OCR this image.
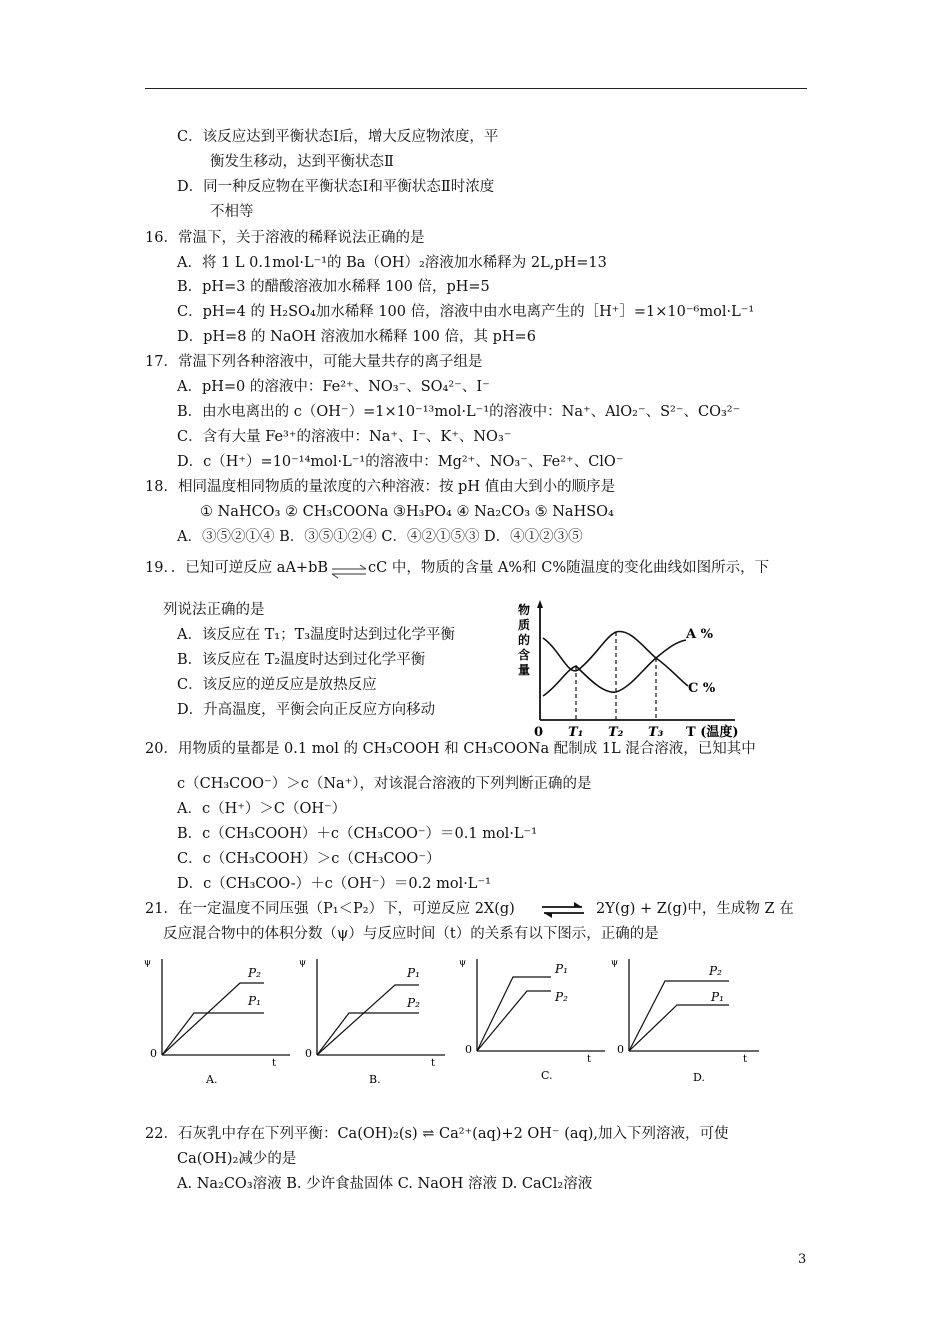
C．该反应达到平衡状态Ⅰ后，增大反应物浓度，平
衡发生移动，达到平衡状态Ⅱ
D．同一种反应物在平衡状态Ⅰ和平衡状态Ⅱ时浓度
不相等
16．常温下，关于溶液的稀释说法正确的是
A．将 1 L 0.1mol·L⁻¹的 Ba（OH）₂溶液加水稀释为 2L,pH=13
B．pH=3 的醋酸溶液加水稀释 100 倍，pH=5
C．pH=4 的 H₂SO₄加水稀释 100 倍，溶液中由水电离产生的［H⁺］=1×10⁻⁶mol·L⁻¹
D．pH=8 的 NaOH 溶液加水稀释 100 倍，其 pH=6
17．常温下列各种溶液中，可能大量共存的离子组是
A．pH=0 的溶液中：Fe²⁺、NO₃⁻、SO₄²⁻、I⁻
B．由水电离出的 c（OH⁻）=1×10⁻¹³mol·L⁻¹的溶液中：Na⁺、AlO₂⁻、S²⁻、CO₃²⁻
C．含有大量 Fe³⁺的溶液中：Na⁺、I⁻、K⁺、NO₃⁻
D．c（H⁺）=10⁻¹⁴mol·L⁻¹的溶液中：Mg²⁺、NO₃⁻、Fe²⁺、ClO⁻
18．相同温度相同物质的量浓度的六种溶液：按 pH 值由大到小的顺序是
① NaHCO₃ ② CH₃COONa ③H₃PO₄ ④ Na₂CO₃ ⑤ NaHSO₄
A．③⑤②①④ B．③⑤①②④ C．④②①⑤③ D．④①②③⑤
19．．已知可逆反应 aA+bB ⇌
cC 中，物质的含量 A%和 C%随温度的变化曲线如图所示，下
列说法正确的是
A．该反应在 T₁；T₃温度时达到过化学平衡
B．该反应在 T₂温度时达到过化学平衡
C．该反应的逆反应是放热反应
D．升高温度，平衡会向正反应方向移动
物
质
的
含
量
A %
C %
0 T₁ T₂ T₃ T (温度)
20．用物质的量都是 0.1 mol 的 CH₃COOH 和 CH₃COONa 配制成 1L 混合溶液，已知其中
c（CH₃COO⁻）＞c（Na⁺），对该混合溶液的下列判断正确的是
A．c（H⁺）＞C（OH⁻）
B．c（CH₃COOH）＋c（CH₃COO⁻）＝0.1 mol·L⁻¹
C．c（CH₃COOH）＞c（CH₃COO⁻）
D．c（CH₃COO-）＋c（OH⁻）＝0.2 mol·L⁻¹
21．在一定温度不同压强（P₁＜P₂）下，可逆反应 2X(g) ⇌ 2Y(g) + Z(g)中，生成物 Z 在
反应混合物中的体积分数（ψ）与反应时间（t）的关系有以下图示，正确的是
ψ
0
t
P₂
P₁
A.
ψ
0
t
P₁
P₂
B.
ψ
0
t
P₁
P₂
C.
ψ
0
t
P₂
P₁
D.
22．石灰乳中存在下列平衡：Ca(OH)₂(s) ⇌ Ca²⁺(aq)+2 OH⁻ (aq),加入下列溶液，可使
Ca(OH)₂减少的是
A. Na₂CO₃溶液 B. 少许食盐固体 C. NaOH 溶液 D. CaCl₂溶液
3
